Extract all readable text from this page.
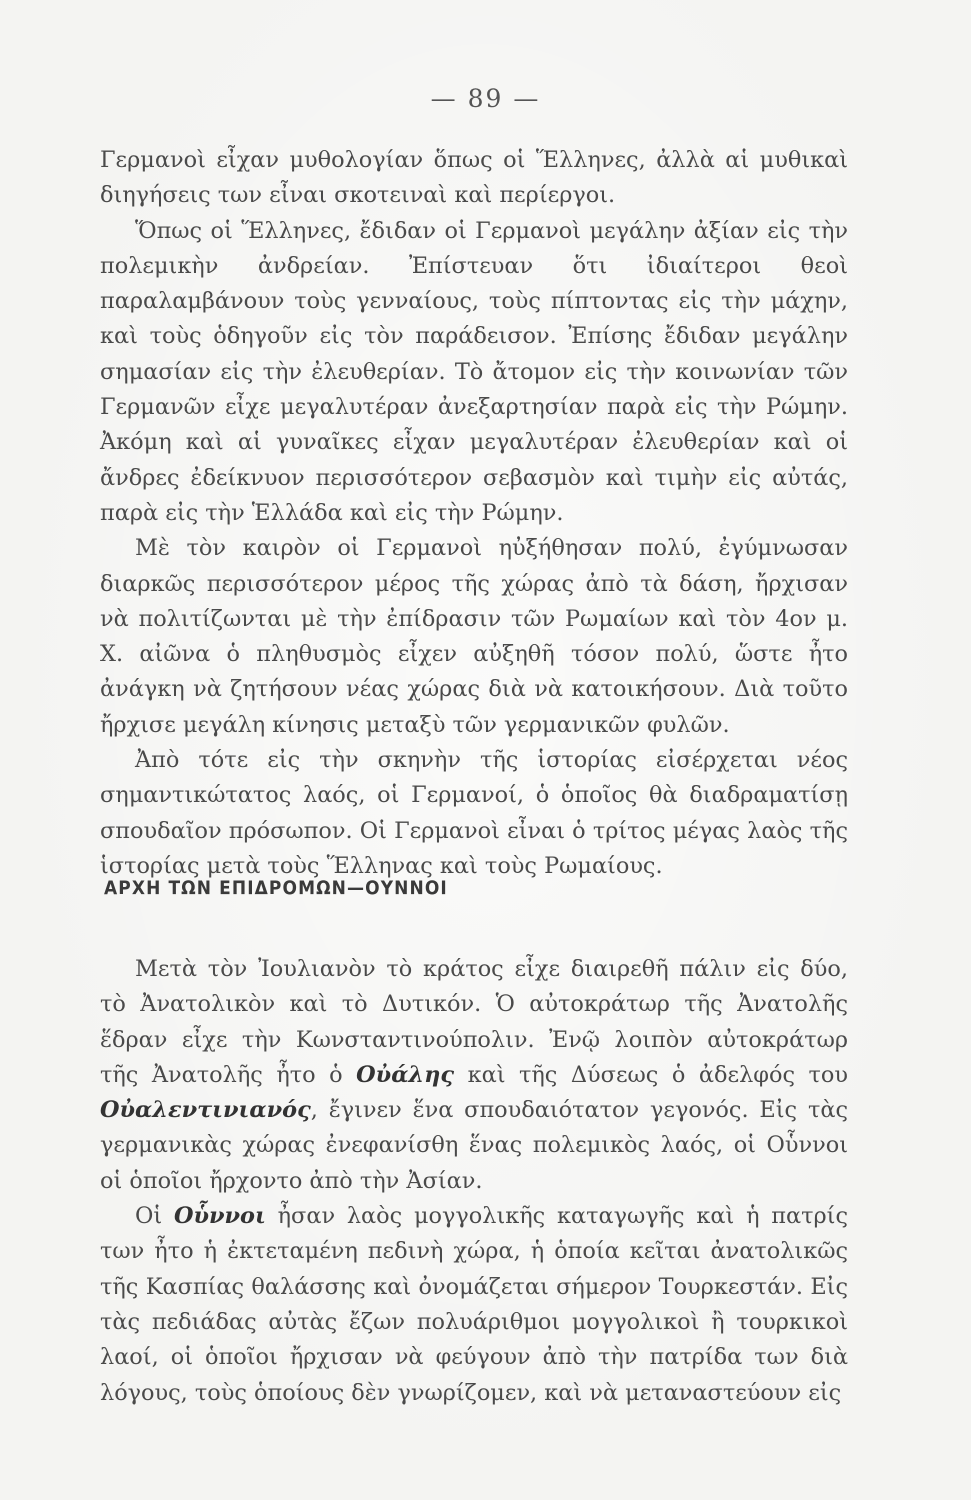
— 89 —

Γερμανοὶ εἶχαν μυθολογίαν ὅπως οἱ Ἕλληνες, ἀλλὰ αἱ μυθικαὶ διηγήσεις των εἶναι σκοτειναὶ καὶ περίεργοι.

Ὅπως οἱ Ἕλληνες, ἔδιδαν οἱ Γερμανοὶ μεγάλην ἀξίαν εἰς τὴν πολεμικὴν ἀνδρείαν. Ἐπίστευαν ὅτι ἰδιαίτεροι θεοὶ παραλαμβάνουν τοὺς γενναίους, τοὺς πίπτοντας εἰς τὴν μάχην, καὶ τοὺς ὁδηγοῦν εἰς τὸν παράδεισον. Ἐπίσης ἔδιδαν μεγάλην σημασίαν εἰς τὴν ἐλευθερίαν. Τὸ ἄτομον εἰς τὴν κοινωνίαν τῶν Γερμανῶν εἶχε μεγαλυτέραν ἀνεξαρτησίαν παρὰ εἰς τὴν Ρώμην. Ἀκόμη καὶ αἱ γυναῖκες εἶχαν μεγαλυτέραν ἐλευθερίαν καὶ οἱ ἄνδρες ἐδείκνυον περισσότερον σεβασμὸν καὶ τιμὴν εἰς αὐτάς, παρὰ εἰς τὴν Ἑλλάδα καὶ εἰς τὴν Ρώμην.

Μὲ τὸν καιρὸν οἱ Γερμανοὶ ηὐξήθησαν πολύ, ἐγύμνωσαν διαρκῶς περισσότερον μέρος τῆς χώρας ἀπὸ τὰ δάση, ἤρχισαν νὰ πολιτίζωνται μὲ τὴν ἐπίδρασιν τῶν Ρωμαίων καὶ τὸν 4ον μ. Χ. αἰῶνα ὁ πληθυσμὸς εἶχεν αὐξηθῆ τόσον πολύ, ὥστε ἦτο ἀνάγκη νὰ ζητήσουν νέας χώρας διὰ νὰ κατοικήσουν. Διὰ τοῦτο ἤρχισε μεγάλη κίνησις μεταξὺ τῶν γερμανικῶν φυλῶν.

Ἀπὸ τότε εἰς τὴν σκηνὴν τῆς ἱστορίας εἰσέρχεται νέος σημαντικώτατος λαός, οἱ Γερμανοί, ὁ ὁποῖος θὰ διαδραματίσῃ σπουδαῖον πρόσωπον. Οἱ Γερμανοὶ εἶναι ὁ τρίτος μέγας λαὸς τῆς ἱστορίας μετὰ τοὺς Ἕλληνας καὶ τοὺς Ρωμαίους.

ΑΡΧΗ ΤΩΝ ΕΠΙΔΡΟΜΩΝ—ΟΥΝΝΟΙ

Μετὰ τὸν Ἰουλιανὸν τὸ κράτος εἶχε διαιρεθῆ πάλιν εἰς δύο, τὸ Ἀνατολικὸν καὶ τὸ Δυτικόν. Ὁ αὐτοκράτωρ τῆς Ἀνατολῆς ἕδραν εἶχε τὴν Κωνσταντινούπολιν. Ἐνῷ λοιπὸν αὐτοκράτωρ τῆς Ἀνατολῆς ἦτο ὁ Οὐάλης καὶ τῆς Δύσεως ὁ ἀδελφός του Οὐαλεντινιανός, ἔγινεν ἕνα σπουδαιότατον γεγονός. Εἰς τὰς γερμανικὰς χώρας ἐνεφανίσθη ἕνας πολεμικὸς λαός, οἱ Οὗννοι οἱ ὁποῖοι ἤρχοντο ἀπὸ τὴν Ἀσίαν.

Οἱ Οὗννοι ἦσαν λαὸς μογγολικῆς καταγωγῆς καὶ ἡ πατρίς των ἦτο ἡ ἐκτεταμένη πεδινὴ χώρα, ἡ ὁποία κεῖται ἀνατολικῶς τῆς Κασπίας θαλάσσης καὶ ὀνομάζεται σήμερον Τουρκεστάν. Εἰς τὰς πεδιάδας αὐτὰς ἔζων πολυάριθμοι μογγολικοὶ ἢ τουρκικοὶ λαοί, οἱ ὁποῖοι ἤρχισαν νὰ φεύγουν ἀπὸ τὴν πατρίδα των διὰ λόγους, τοὺς ὁποίους δὲν γνωρίζομεν, καὶ νὰ μεταναστεύουν εἰς
